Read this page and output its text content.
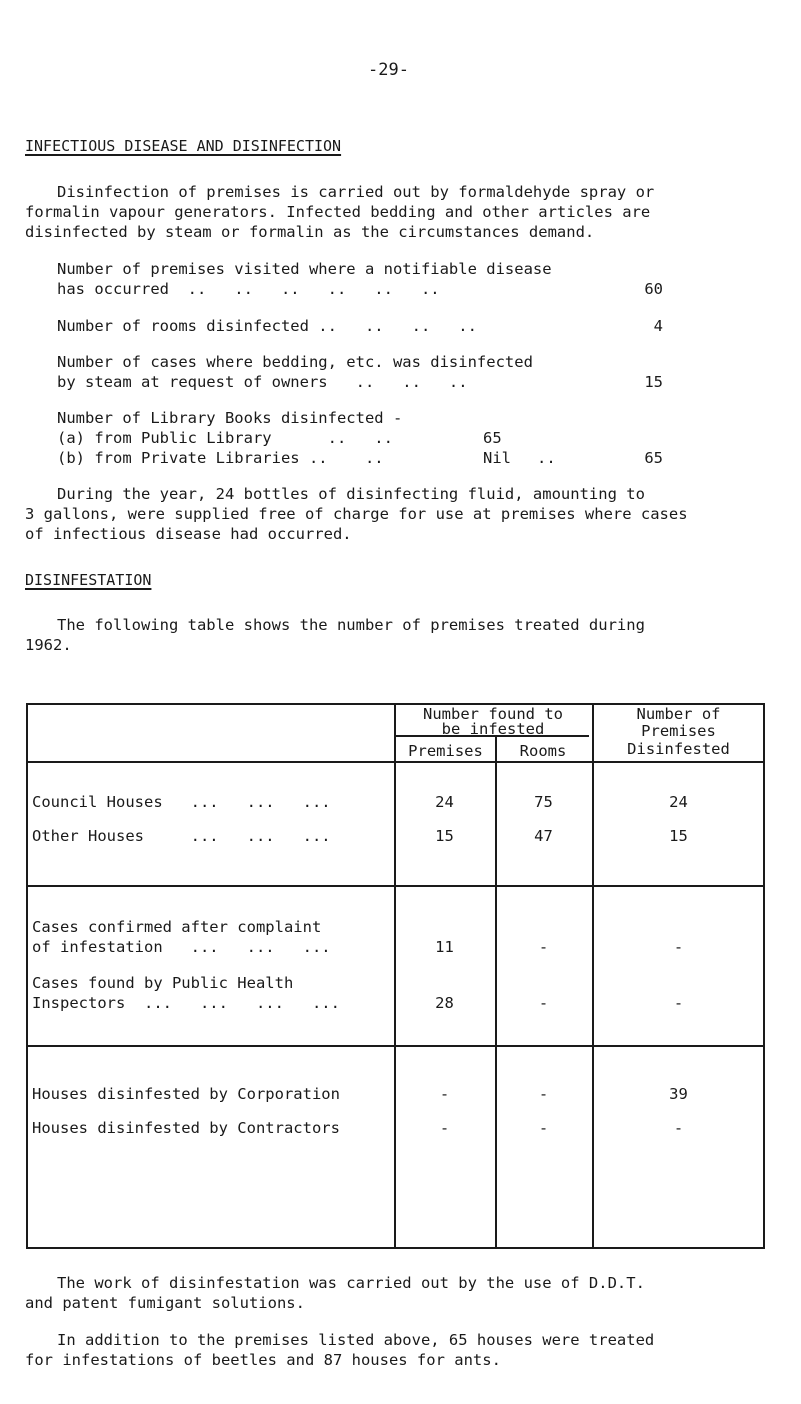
-29-
INFECTIOUS DISEASE AND DISINFECTION
Disinfection of premises is carried out by formaldehyde spray or
formalin vapour generators. Infected bedding and other articles are
disinfected by steam or formalin as the circumstances demand.
Number of premises visited where a notifiable disease
has occurred  ..   ..   ..   ..   ..   ..	60
Number of rooms disinfected ..   ..   ..   ..	4
Number of cases where bedding, etc. was disinfected
by steam at request of owners   ..   ..   ..	15
Number of Library Books disinfected -
(a) from Public Library      ..   ..	65
(b) from Private Libraries ..    ..	Nil ..	65
During the year, 24 bottles of disinfecting fluid, amounting to
3 gallons, were supplied free of charge for use at premises where cases
of infectious disease had occurred.
DISINFESTATION
The following table shows the number of premises treated during
1962.
Number found to
be infested
Premises	Rooms
Number of
Premises
Disinfested
Council Houses   ...   ...   ...	24	75	24
Other Houses     ...   ...   ...	15	47	15
Cases confirmed after complaint
of infestation   ...   ...   ...	11	-	-
Cases found by Public Health
Inspectors  ...   ...   ...   ...	28	-	-
Houses disinfested by Corporation	-	-	39
Houses disinfested by Contractors	-	-	-
The work of disinfestation was carried out by the use of D.D.T.
and patent fumigant solutions.
In addition to the premises listed above, 65 houses were treated
for infestations of beetles and 87 houses for ants.
